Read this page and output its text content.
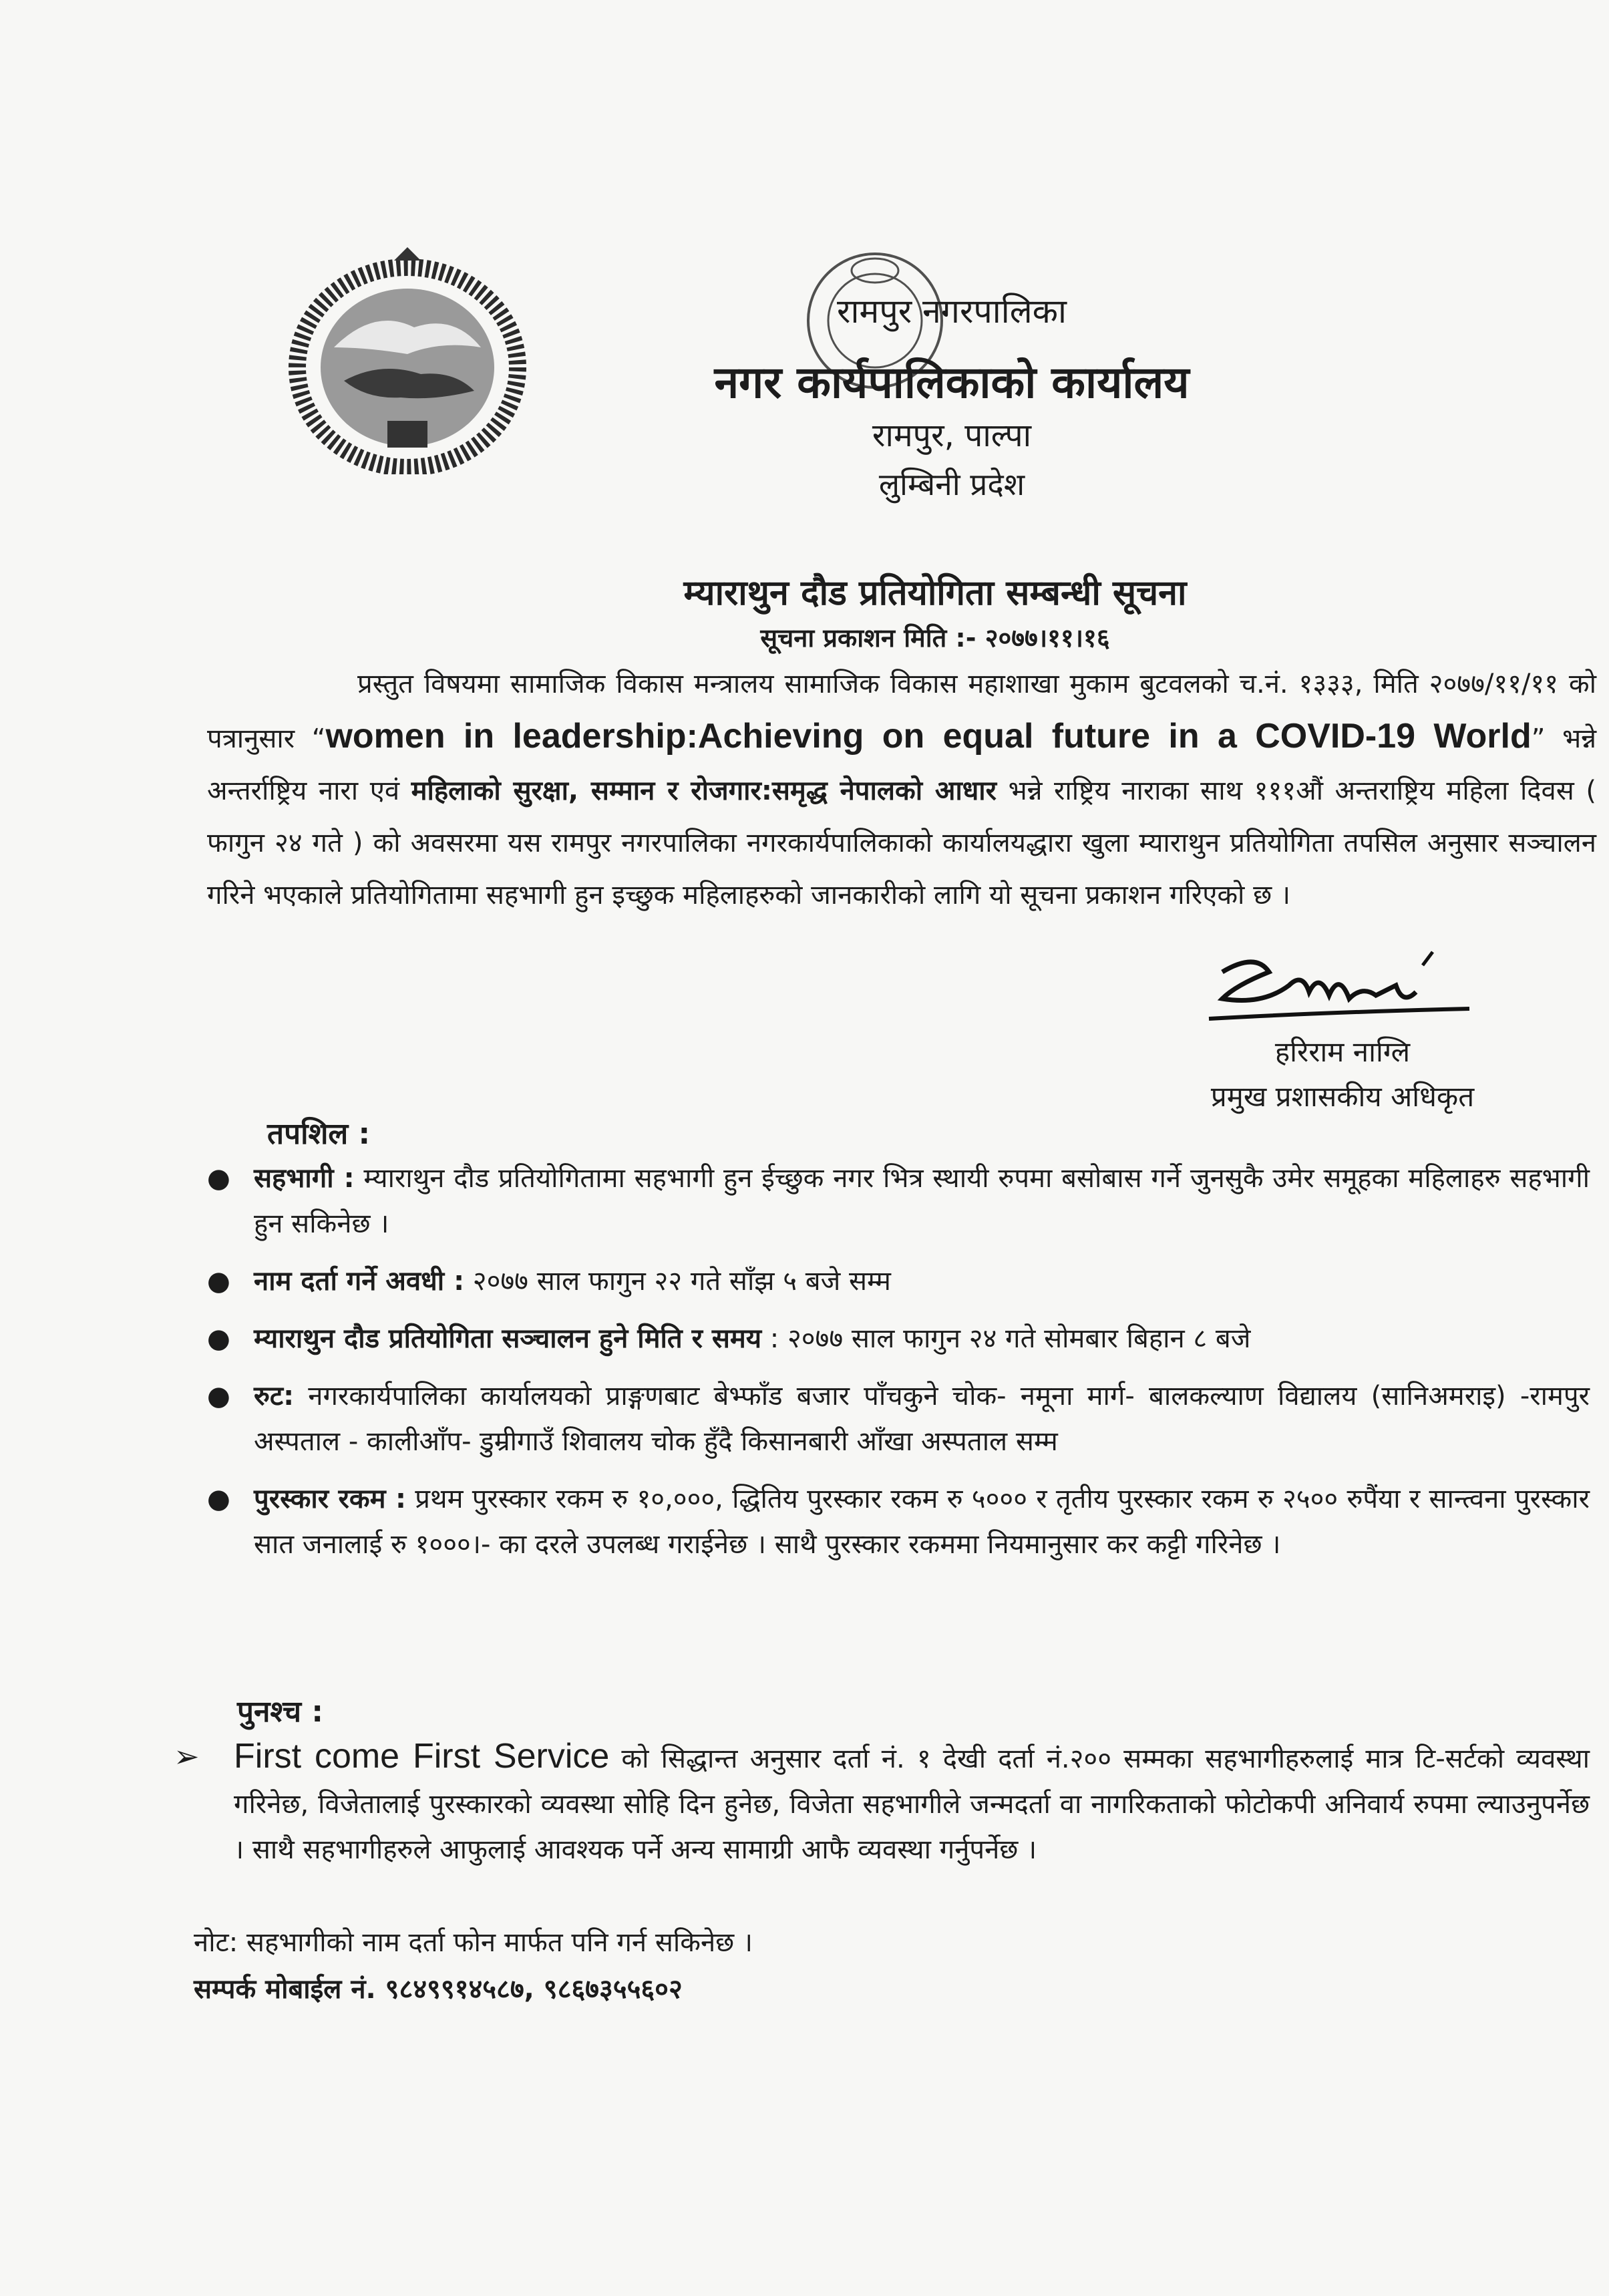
रामपुर नगरपालिका
नगर कार्यपालिकाको कार्यालय
रामपुर, पाल्पा
लुम्बिनी प्रदेश
म्याराथुन दौड प्रतियोगिता सम्बन्धी सूचना
सूचना प्रकाशन मिति :- २०७७।११।१६
प्रस्तुत विषयमा सामाजिक विकास मन्त्रालय सामाजिक विकास महाशाखा मुकाम बुटवलको च.नं. १३३३, मिति २०७७/११/११ को पत्रानुसार “women in leadership:Achieving on equal future in a COVID-19 World” भन्ने अन्तर्राष्ट्रिय नारा एवं महिलाको सुरक्षा, सम्मान र रोजगार:समृद्ध नेपालको आधार भन्ने राष्ट्रिय नाराका साथ १११औं अन्तराष्ट्रिय महिला दिवस ( फागुन २४ गते ) को अवसरमा यस रामपुर नगरपालिका नगरकार्यपालिकाको कार्यालयद्धारा खुला म्याराथुन प्रतियोगिता तपसिल अनुसार सञ्चालन गरिने भएकाले प्रतियोगितामा सहभागी हुन इच्छुक महिलाहरुको जानकारीको लागि यो सूचना प्रकाशन गरिएको छ ।
हरिराम नाग्लि
प्रमुख प्रशासकीय अधिकृत
तपशिल :
● सहभागी : म्याराथुन दौड प्रतियोगितामा सहभागी हुन ईच्छुक नगर भित्र स्थायी रुपमा बसोबास गर्ने जुनसुकै उमेर समूहका महिलाहरु सहभागी हुन सकिनेछ ।
● नाम दर्ता गर्ने अवधी : २०७७ साल फागुन २२ गते साँझ ५ बजे सम्म
● म्याराथुन दौड प्रतियोगिता सञ्चालन हुने मिति र समय : २०७७ साल फागुन २४ गते सोमबार बिहान ८ बजे
● रुट: नगरकार्यपालिका कार्यालयको प्राङ्गणबाट बेभ्फाँड बजार पाँचकुने चोक- नमूना मार्ग- बालकल्याण विद्यालय (सानिअमराइ) -रामपुर अस्पताल - कालीआँप- डुम्रीगाउँ शिवालय चोक हुँदै किसानबारी आँखा अस्पताल सम्म
● पुरस्कार रकम : प्रथम पुरस्कार रकम रु १०,०००, द्धितिय पुरस्कार रकम रु ५००० र तृतीय पुरस्कार रकम रु २५०० रुपैंया र सान्त्वना पुरस्कार सात जनालाई रु १०००।- का दरले उपलब्ध गराईनेछ । साथै पुरस्कार रकममा नियमानुसार कर कट्टी गरिनेछ ।
पुनश्च :
➢ First come First Service को सिद्धान्त अनुसार दर्ता नं. १ देखी दर्ता नं.२०० सम्मका सहभागीहरुलाई मात्र टि-सर्टको व्यवस्था गरिनेछ, विजेतालाई पुरस्कारको व्यवस्था सोहि दिन हुनेछ, विजेता सहभागीले जन्मदर्ता वा नागरिकताको फोटोकपी अनिवार्य रुपमा ल्याउनुपर्नेछ । साथै सहभागीहरुले आफुलाई आवश्यक पर्ने अन्य सामाग्री आफै व्यवस्था गर्नुपर्नेछ ।
नोट: सहभागीको नाम दर्ता फोन मार्फत पनि गर्न सकिनेछ ।
सम्पर्क मोबाईल नं. ९८४९९१४५८७, ९८६७३५५६०२
